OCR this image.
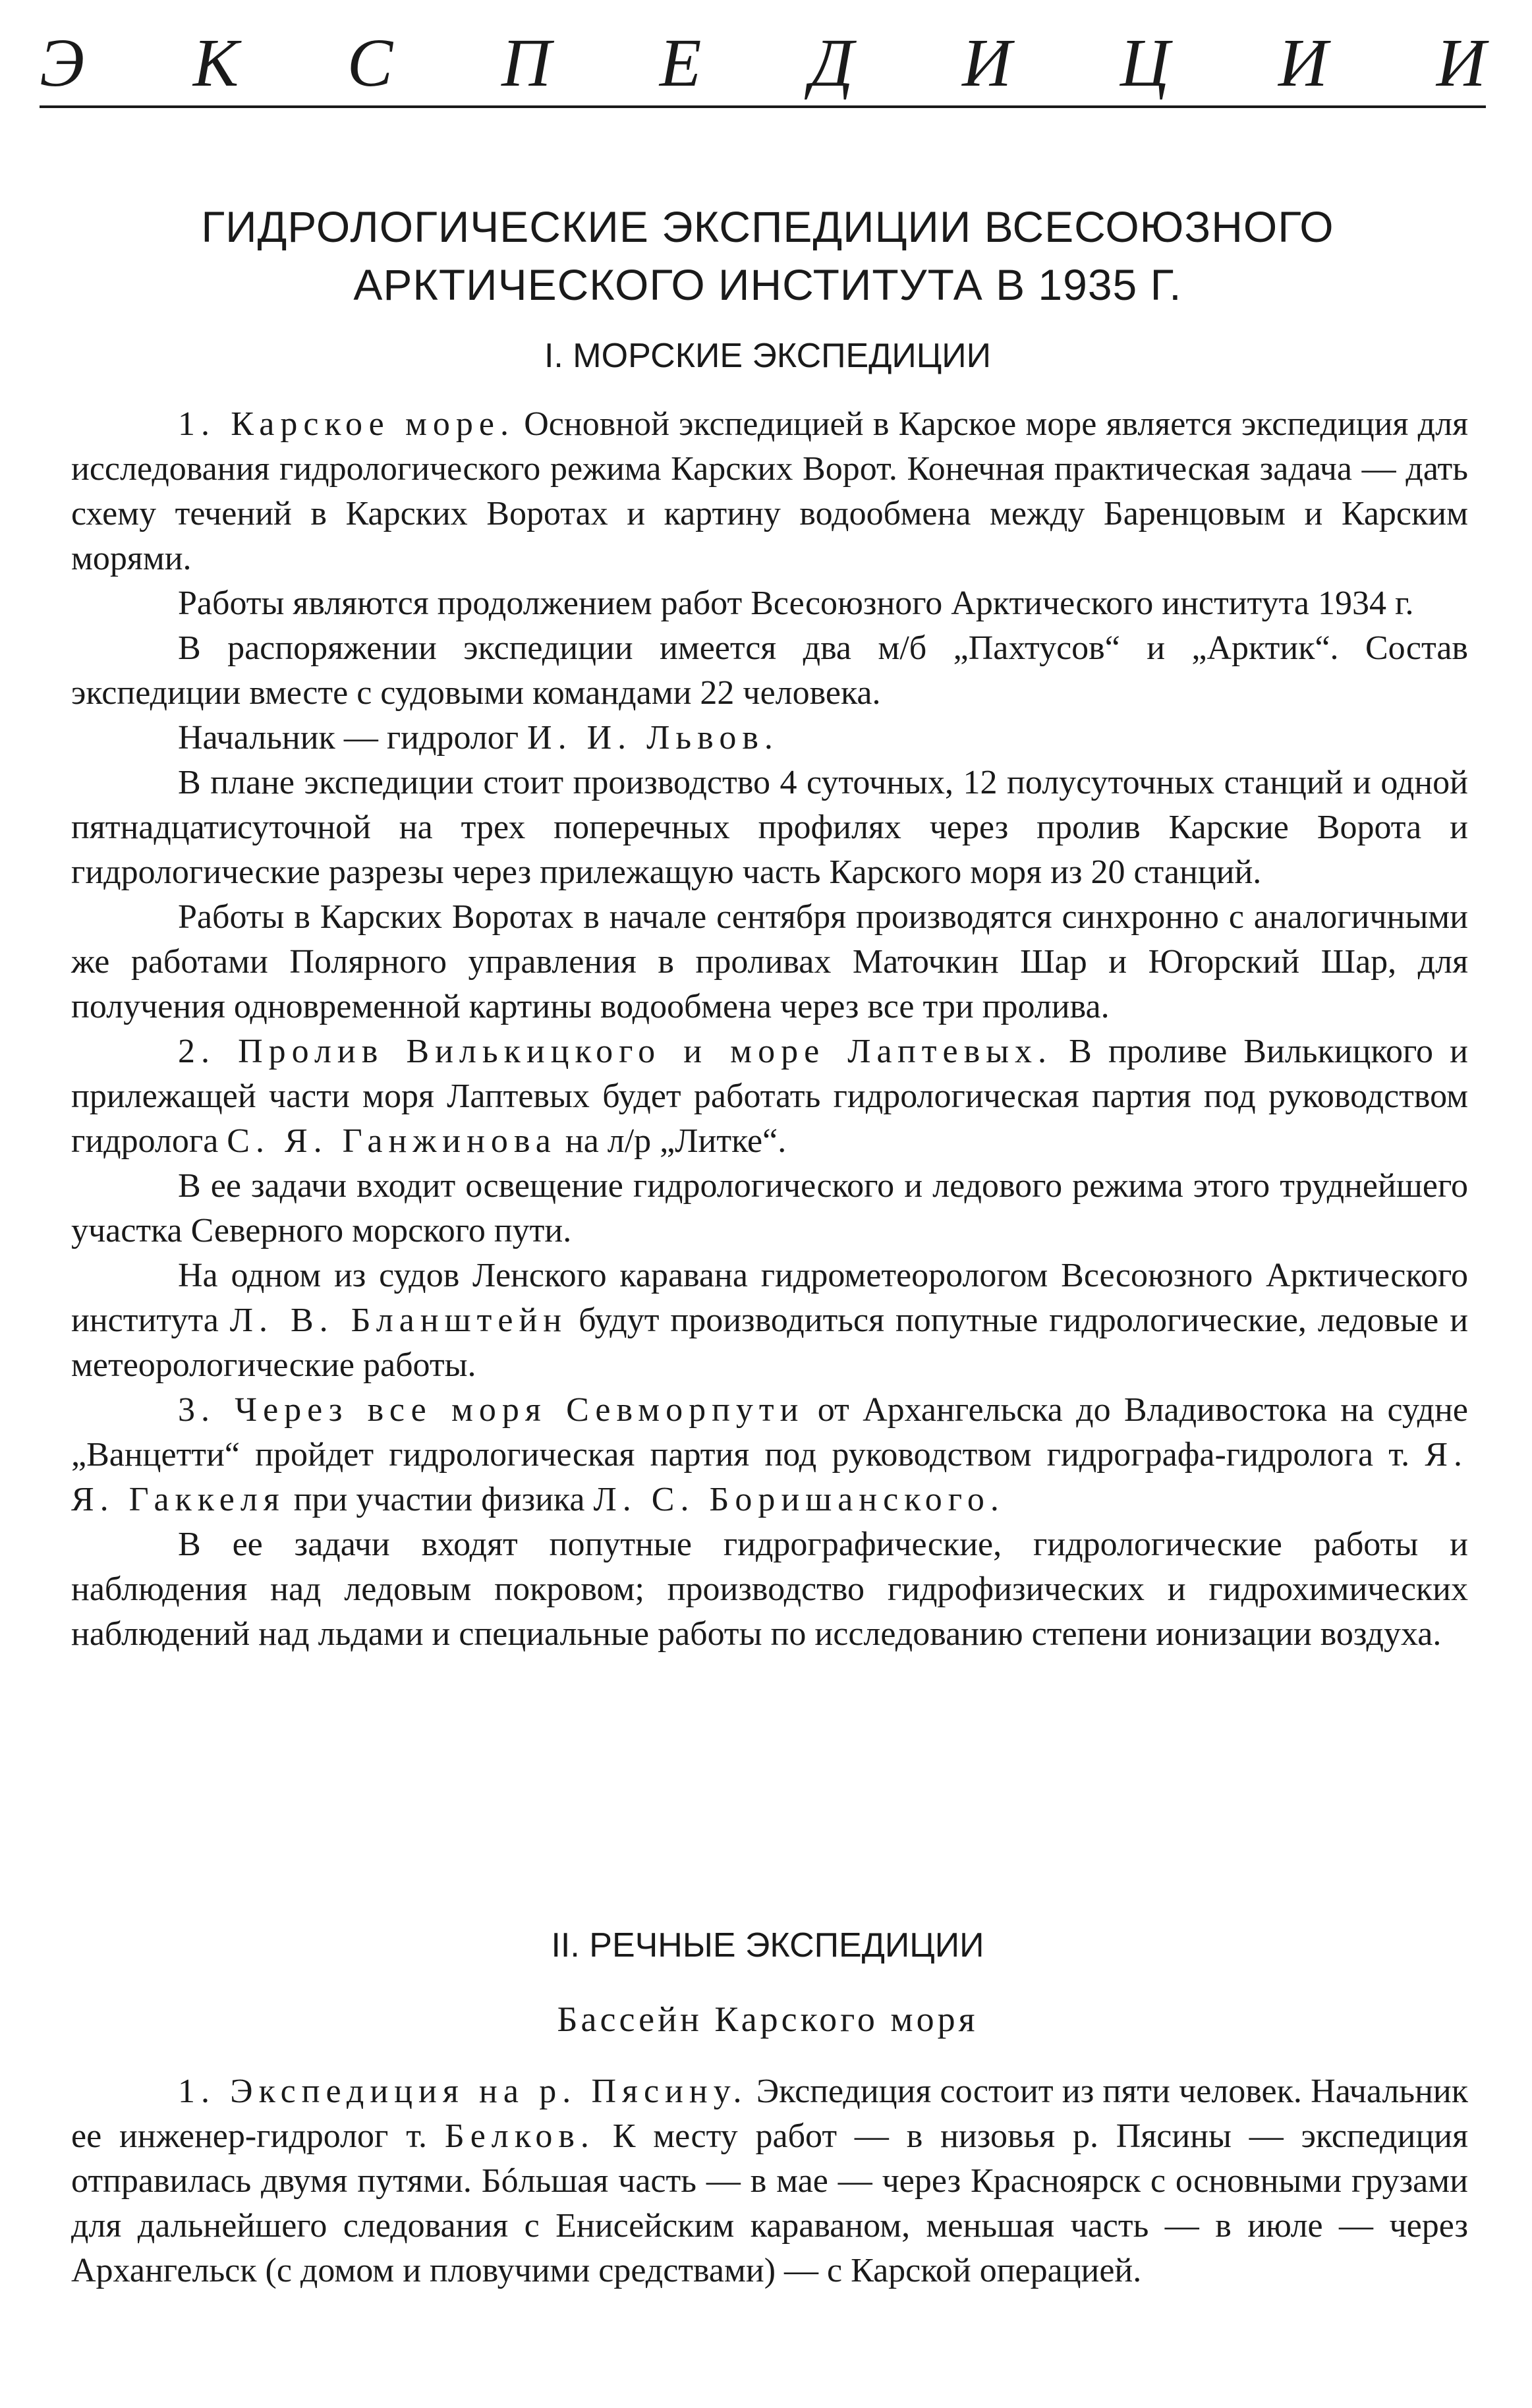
Э К С П Е Д И Ц И И
ГИДРОЛОГИЧЕСКИЕ ЭКСПЕДИЦИИ ВСЕСОЮЗНОГО
АРКТИЧЕСКОГО ИНСТИТУТА В 1935 Г.
I. МОРСКИЕ ЭКСПЕДИЦИИ

1. Карское море. Основной экспедицией в Карское море является экспедиция для исследования гидрологического режима Карских Ворот. Конечная практическая задача — дать схему течений в Карских Воротах и картину водообмена между Баренцовым и Карским морями.

Работы являются продолжением работ Всесоюзного Арктического института 1934 г.

В распоряжении экспедиции имеется два м/б „Пахтусов“ и „Арктик“. Состав экспедиции вместе с судовыми командами 22 человека.

Начальник — гидролог И. И. Львов.

В плане экспедиции стоит производство 4 суточных, 12 полусуточных станций и одной пятнадцатисуточной на трех поперечных профилях через пролив Карские Ворота и гидрологические разрезы через прилежащую часть Карского моря из 20 станций.

Работы в Карских Воротах в начале сентября производятся синхронно с аналогичными же работами Полярного управления в проливах Маточкин Шар и Югорский Шар, для получения одновременной картины водообмена через все три пролива.

2. Пролив Вилькицкого и море Лаптевых. В проливе Вилькицкого и прилежащей части моря Лаптевых будет работать гидрологическая партия под руководством гидролога С. Я. Ганжинова на л/р „Литке“.

В ее задачи входит освещение гидрологического и ледового режима этого труднейшего участка Северного морского пути.

На одном из судов Ленского каравана гидрометеорологом Всесоюзного Арктического института Л. В. Бланштейн будут производиться попутные гидрологические, ледовые и метеорологические работы.

3. Через все моря Севморпути от Архангельска до Владивостока на судне „Ванцетти“ пройдет гидрологическая партия под руководством гидрографа-гидролога т. Я. Я. Гаккеля при участии физика Л. С. Боришанского.

В ее задачи входят попутные гидрографические, гидрологические работы и наблюдения над ледовым покровом; производство гидрофизических и гидрохимических наблюдений над льдами и специальные работы по исследованию степени ионизации воздуха.

II. РЕЧНЫЕ ЭКСПЕДИЦИИ
Бассейн Карского моря

1. Экспедиция на р. Пясину. Экспедиция состоит из пяти человек. Начальник ее инженер-гидролог т. Белков. К месту работ — в низовья р. Пясины — экспедиция отправилась двумя путями. Бóльшая часть — в мае — через Красноярск с основными грузами для дальнейшего следования с Енисейским караваном, меньшая часть — в июле — через Архангельск (с домом и пловучими средствами) — с Карской операцией.
